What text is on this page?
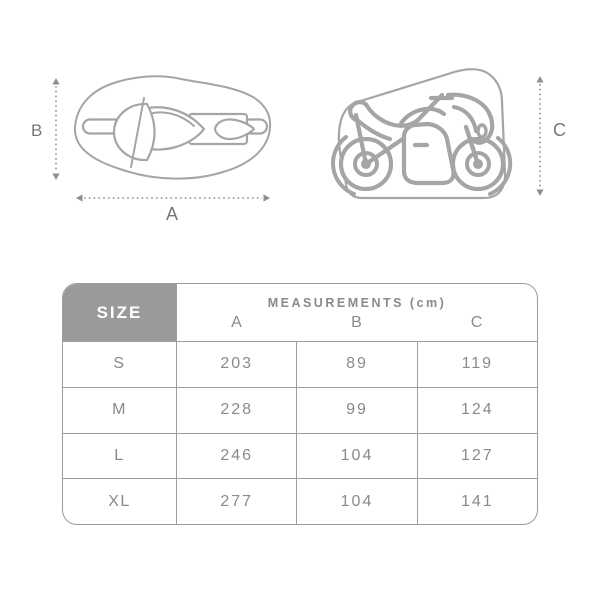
B
A
C
SIZE	MEASUREMENTS (cm)
A	B	C
S	203	89	119
M	228	99	124
L	246	104	127
XL	277	104	141
